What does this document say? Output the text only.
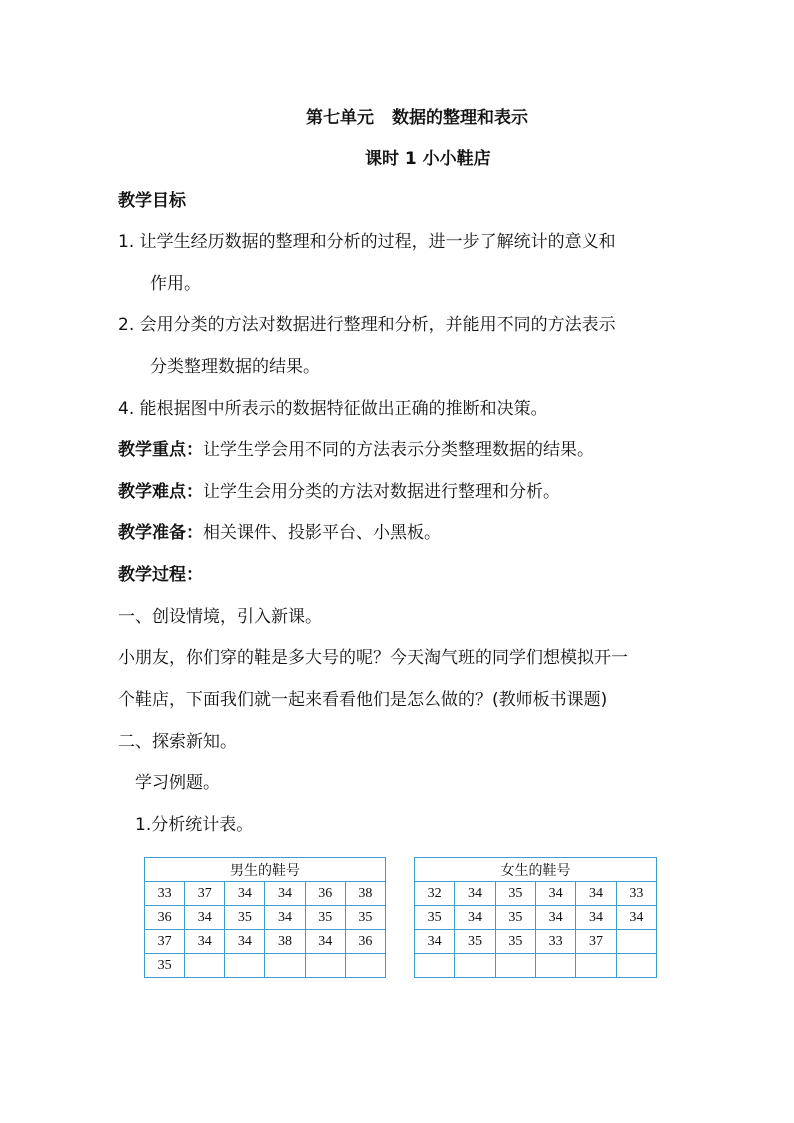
第七单元 数据的整理和表示
课时 1 小小鞋店
教学目标
1. 让学生经历数据的整理和分析的过程，进一步了解统计的意义和
作用。
2. 会用分类的方法对数据进行整理和分析，并能用不同的方法表示
分类整理数据的结果。
4. 能根据图中所表示的数据特征做出正确的推断和决策。
教学重点：让学生学会用不同的方法表示分类整理数据的结果。
教学难点：让学生会用分类的方法对数据进行整理和分析。
教学准备：相关课件、投影平台、小黑板。
教学过程：
一、创设情境，引入新课。
小朋友，你们穿的鞋是多大号的呢？今天淘气班的同学们想模拟开一
个鞋店，下面我们就一起来看看他们是怎么做的？(教师板书课题)
二、探索新知。
学习例题。
1.分析统计表。
男生的鞋号					
33	37	34	34	36	38
36	34	35	34	35	35
37	34	34	38	34	36
35					
女生的鞋号					
32	34	35	34	34	33
35	34	35	34	34	34
34	35	35	33	37	
